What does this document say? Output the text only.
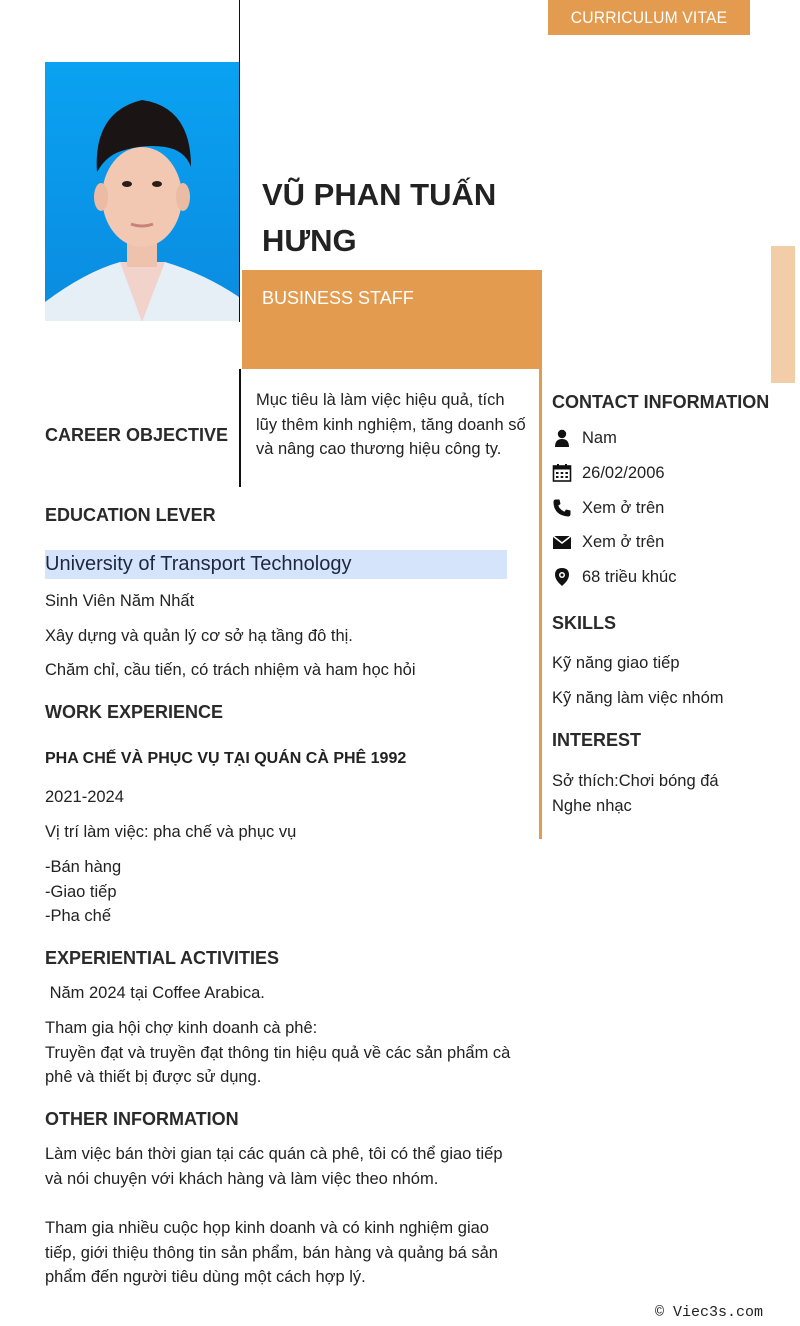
CURRICULUM VITAE
VŨ PHAN TUẤN HƯNG
BUSINESS STAFF
CAREER OBJECTIVE
Mục tiêu là làm việc hiệu quả, tích lũy thêm kinh nghiệm, tăng doanh số và nâng cao thương hiệu công ty.
EDUCATION LEVER
University of Transport Technology
Sinh Viên Năm Nhất
Xây dựng và quản lý cơ sở hạ tầng đô thị.
Chăm chỉ, cầu tiến, có trách nhiệm và ham học hỏi
WORK EXPERIENCE
PHA CHẾ VÀ PHỤC VỤ TẠI QUÁN CÀ PHÊ 1992
2021-2024
Vị trí làm việc: pha chế và phục vụ
-Bán hàng
-Giao tiếp
-Pha chế
EXPERIENTIAL ACTIVITIES
Năm 2024 tại Coffee Arabica.
Tham gia hội chợ kinh doanh cà phê:
Truyền đạt và truyền đạt thông tin hiệu quả về các sản phẩm cà phê và thiết bị được sử dụng.
OTHER INFORMATION
Làm việc bán thời gian tại các quán cà phê, tôi có thể giao tiếp và nói chuyện với khách hàng và làm việc theo nhóm.
Tham gia nhiều cuộc họp kinh doanh và có kinh nghiệm giao tiếp, giới thiệu thông tin sản phẩm, bán hàng và quảng bá sản phẩm đến người tiêu dùng một cách hợp lý.
CONTACT INFORMATION
Nam
26/02/2006
Xem ở trên
Xem ở trên
68 triều khúc
SKILLS
Kỹ năng giao tiếp
Kỹ năng làm việc nhóm
INTEREST
Sở thích:Chơi bóng đá
Nghe nhạc
© Viec3s.com
